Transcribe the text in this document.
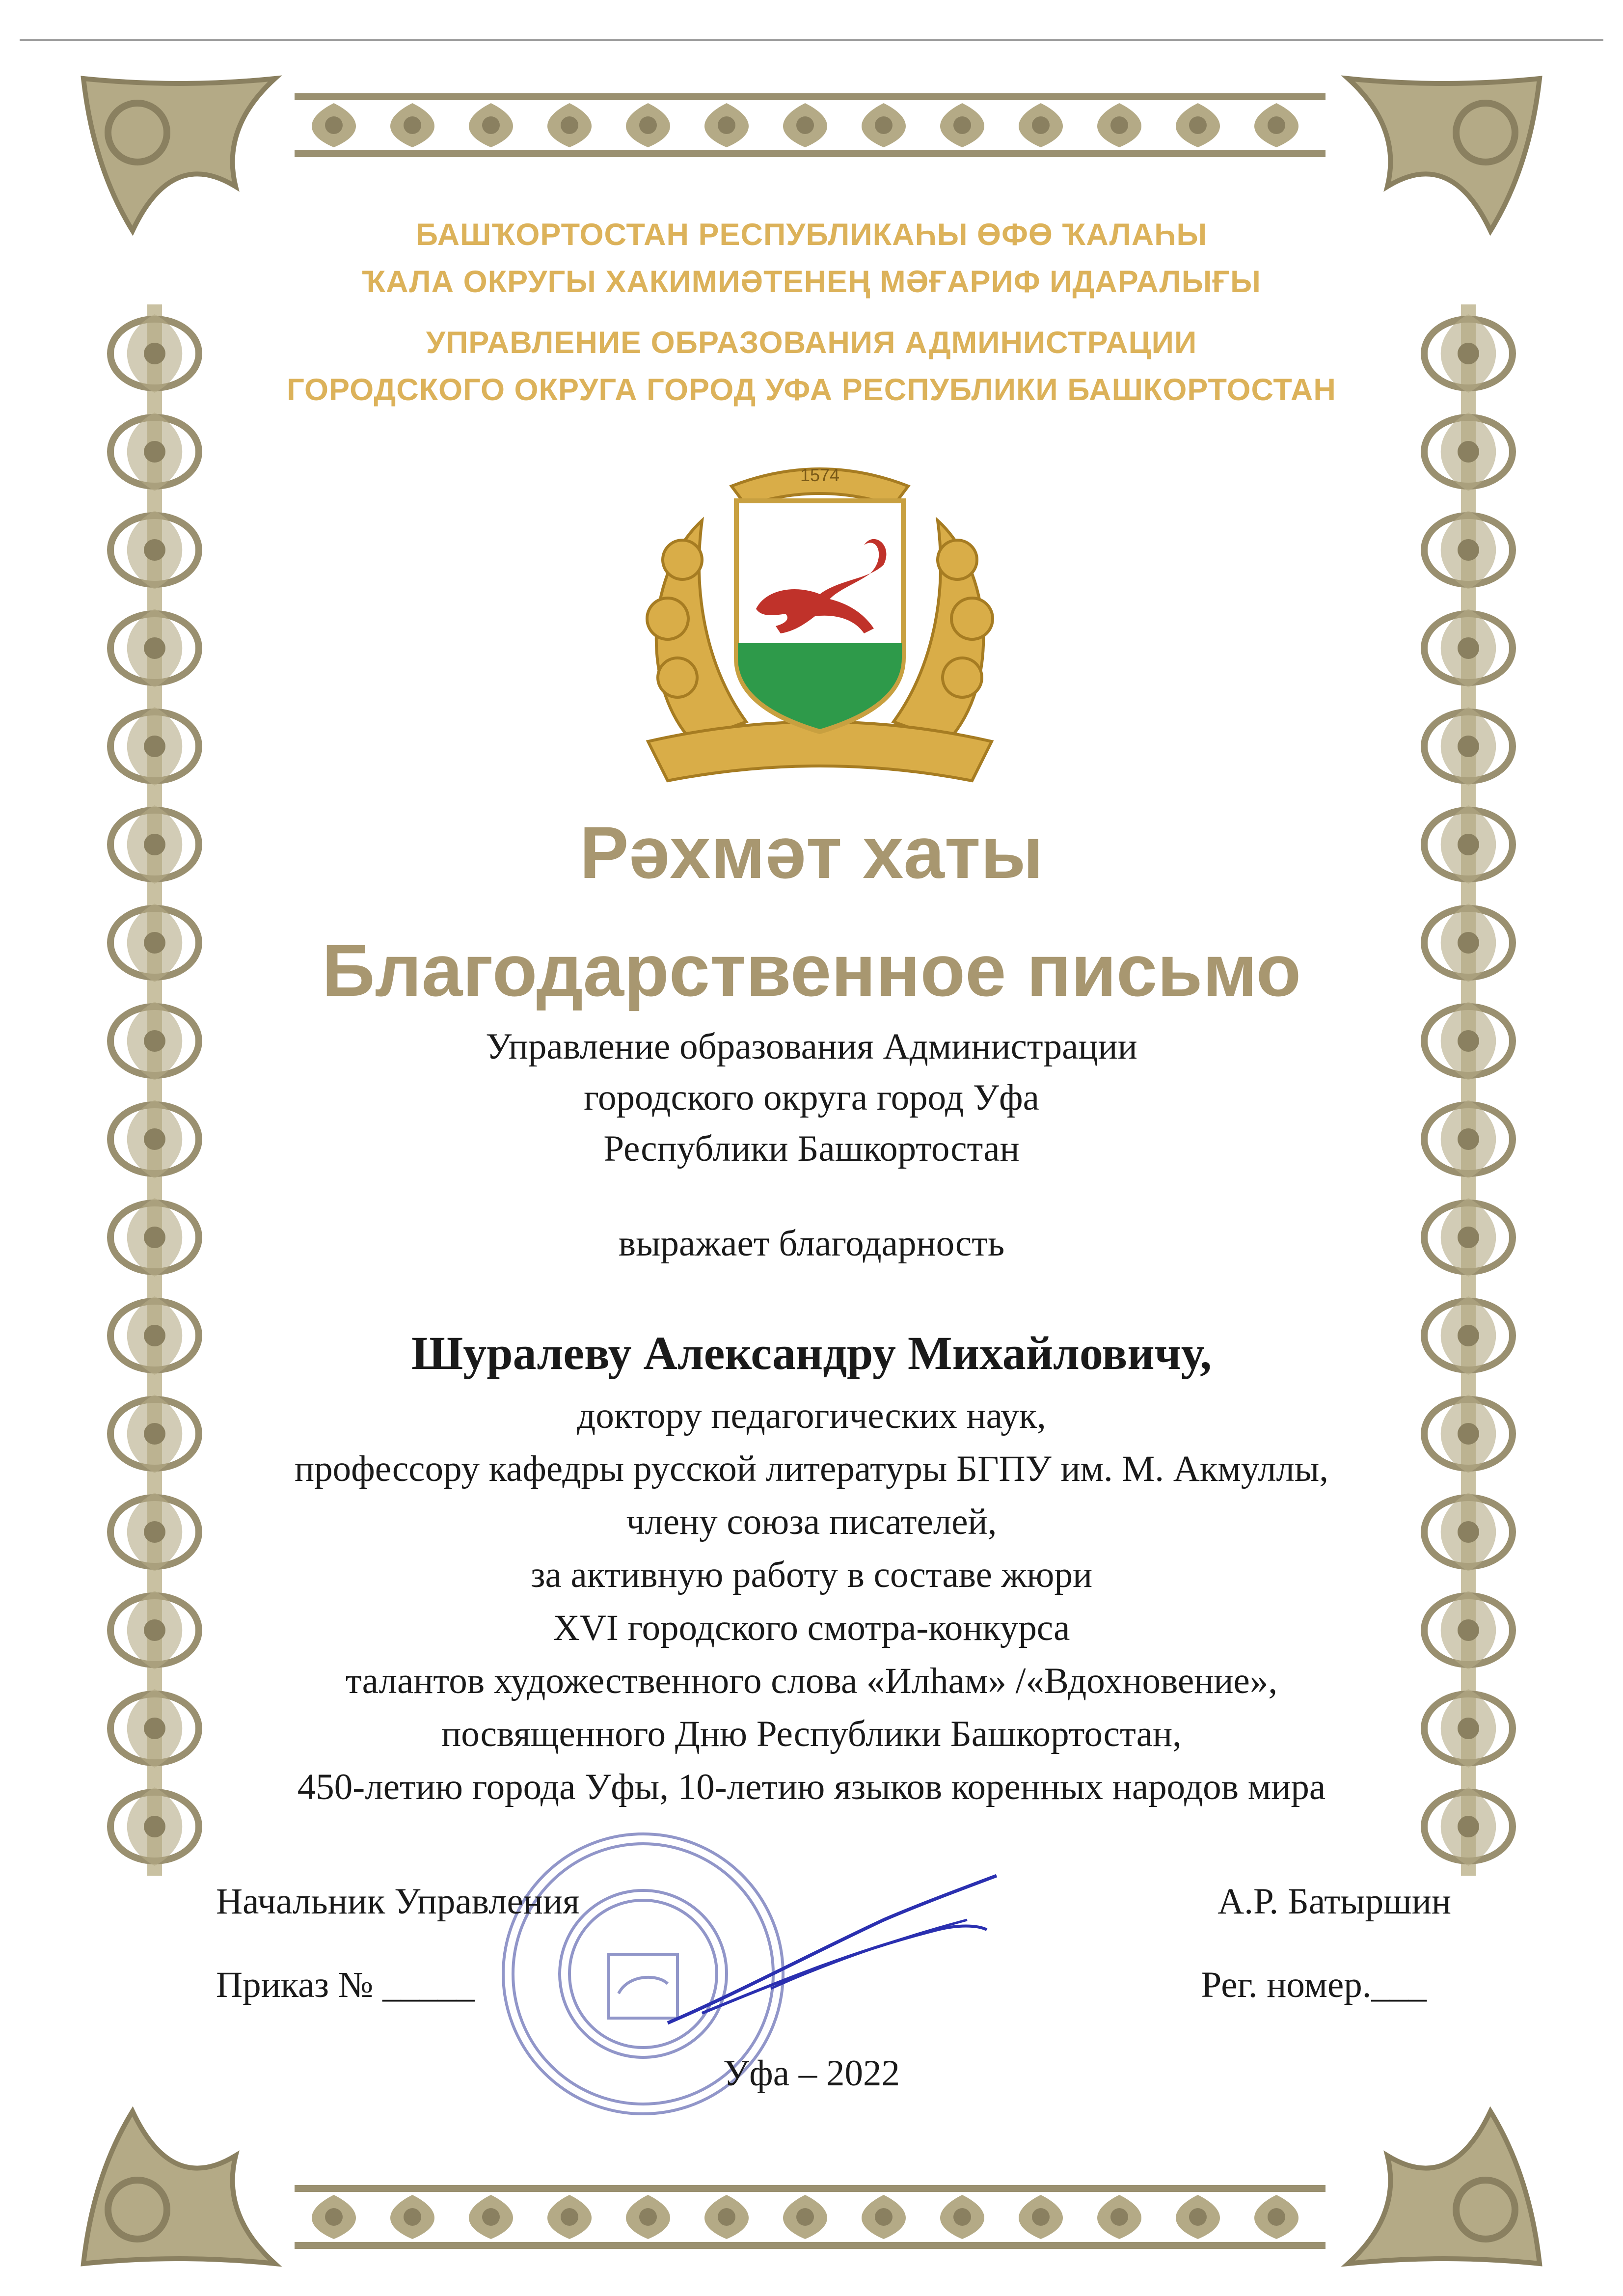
БАШҠОРТОСТАН РЕСПУБЛИКАҺЫ ӨФӨ ҠАЛАҺЫ
ҠАЛА ОКРУГЫ ХАКИМИӘТЕНЕҢ МӘҒАРИФ ИДАРАЛЫҒЫ
УПРАВЛЕНИЕ ОБРАЗОВАНИЯ АДМИНИСТРАЦИИ
ГОРОДСКОГО ОКРУГА ГОРОД УФА РЕСПУБЛИКИ БАШКОРТОСТАН
1574
Рәхмәт хаты
Благодарственное письмо
Управление образования Администрации
городского округа город Уфа
Республики Башкортостан
выражает благодарность
Шуралеву Александру Михайловичу,
доктору педагогических наук,
профессору кафедры русской литературы БГПУ им. М. Акмуллы,
члену союза писателей,
за активную работу в составе жюри
XVI городского смотра-конкурса
талантов художественного слова «Илһам» /«Вдохновение»,
посвященного Дню Республики Башкортостан,
450-летию города Уфы, 10-летию языков коренных народов мира
Начальник Управления	А.Р. Батыршин
Приказ № _____	Рег. номер.___
Уфа – 2022
